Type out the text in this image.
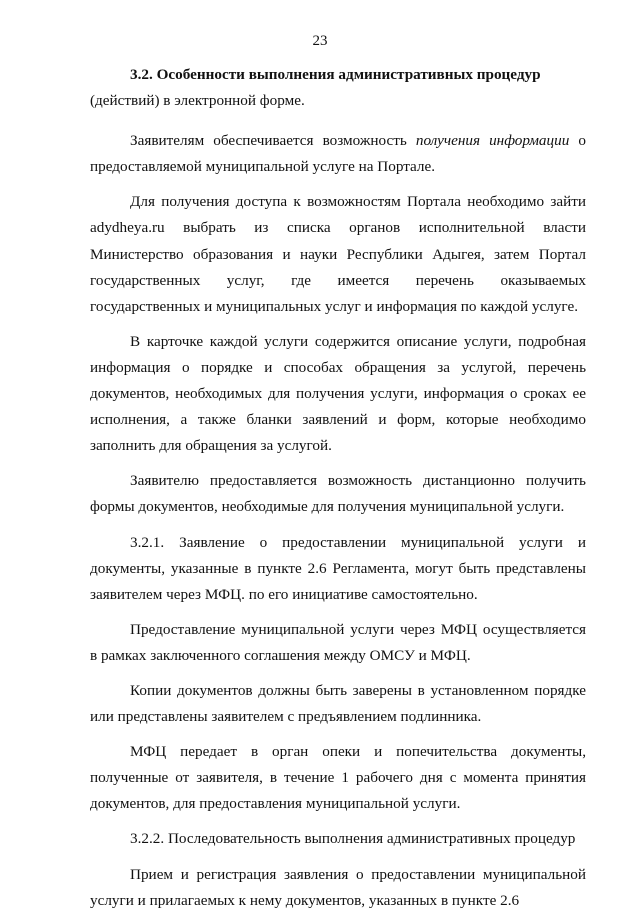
23
3.2. Особенности выполнения административных процедур
(действий) в электронной форме.

Заявителям обеспечивается возможность получения информации о предоставляемой муниципальной услуге на Портале.

Для получения доступа к возможностям Портала необходимо зайти adydheya.ru выбрать из списка органов исполнительной власти Министерство образования и науки Республики Адыгея, затем Портал государственных услуг, где имеется перечень оказываемых государственных и муниципальных услуг и информация по каждой услуге.

В карточке каждой услуги содержится описание услуги, подробная информация о порядке и способах обращения за услугой, перечень документов, необходимых для получения услуги, информация о сроках ее исполнения, а также бланки заявлений и форм, которые необходимо заполнить для обращения за услугой.

Заявителю предоставляется возможность дистанционно получить формы документов, необходимые для получения муниципальной услуги.

3.2.1. Заявление о предоставлении муниципальной услуги и документы, указанные в пункте 2.6 Регламента, могут быть представлены заявителем через МФЦ. по его инициативе самостоятельно.

Предоставление муниципальной услуги через МФЦ осуществляется в рамках заключенного соглашения между ОМСУ и МФЦ.

Копии документов должны быть заверены в установленном порядке или представлены заявителем с предъявлением подлинника.

МФЦ передает в орган опеки и попечительства документы, полученные от заявителя, в течение 1 рабочего дня с момента принятия документов, для предоставления муниципальной услуги.

3.2.2. Последовательность выполнения административных процедур

Прием и регистрация заявления о предоставлении муниципальной услуги и прилагаемых к нему документов, указанных в пункте 2.6
